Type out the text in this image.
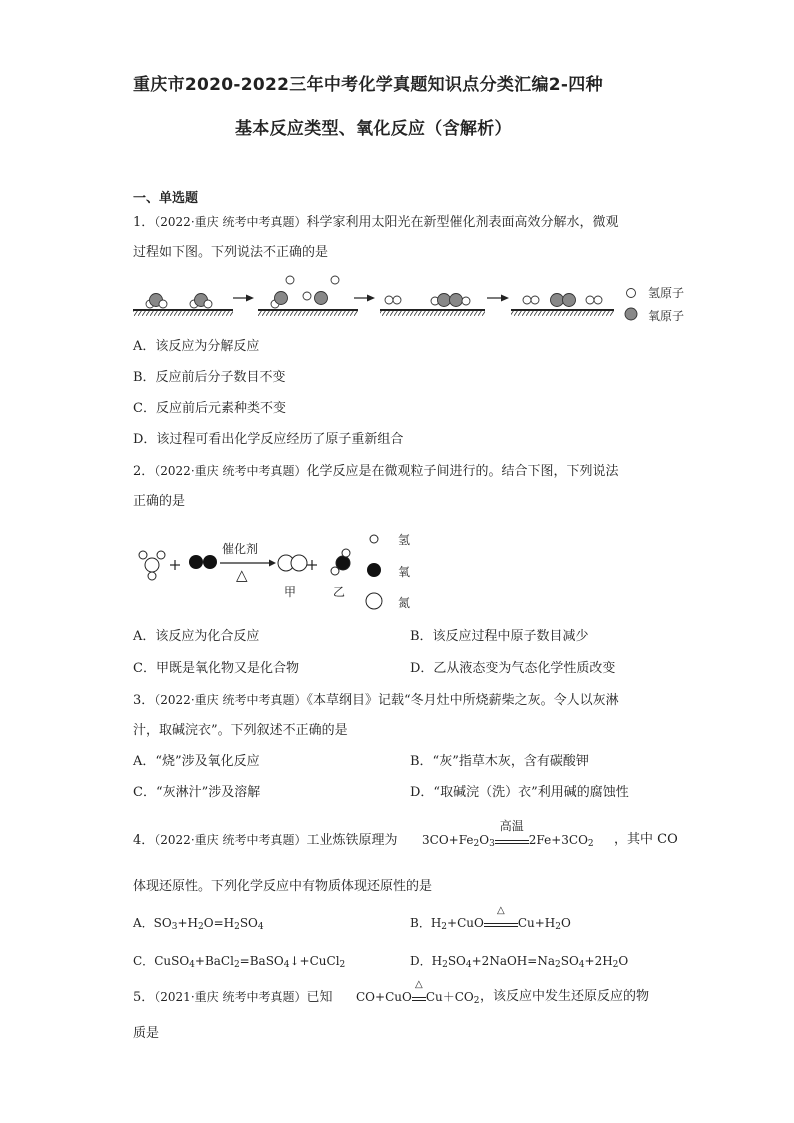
重庆市2020-2022三年中考化学真题知识点分类汇编2-四种
基本反应类型、氧化反应（含解析）
一、单选题
1．（2022·重庆 统考中考真题）科学家利用太阳光在新型催化剂表面高效分解水，微观
过程如下图。下列说法不正确的是
氢原子
氧原子
A．该反应为分解反应
B．反应前后分子数目不变
C．反应前后元素种类不变
D．该过程可看出化学反应经历了原子重新组合
2．（2022·重庆 统考中考真题）化学反应是在微观粒子间进行的。结合下图，下列说法
正确的是
催化剂
△
甲	乙
氢
氧
氮
A．该反应为化合反应	B．该反应过程中原子数目减少
C．甲既是氧化物又是化合物	D．乙从液态变为气态化学性质改变
3．（2022·重庆 统考中考真题）《本草纲目》记载“冬月灶中所烧薪柴之灰。令人以灰淋
汁，取碱浣衣”。下列叙述不正确的是
A．“烧”涉及氧化反应	B．“灰”指草木灰，含有碳酸钾
C．“灰淋汁”涉及溶解	D．“取碱浣（洗）衣”利用碱的腐蚀性
4．（2022·重庆 统考中考真题）工业炼铁原理为 $3CO+Fe_2O_3$
高温
$2Fe+3CO_2$ ，其中 CO
体现还原性。下列化学反应中有物质体现还原性的是
A．$SO_3+H_2O=H_2SO_4$	B．$H_2+CuO$
△
$Cu+H_2O$
C．CuSO$_4$+BaCl$_2$=BaSO$_4$↓+CuCl$_2$	D．$H_2SO_4+2NaOH=Na_2SO_4+2H_2O$
5．（2021·重庆 统考中考真题）已知 CO+CuO
△
$Cu+CO_2$ ，该反应中发生还原反应的物
质是
